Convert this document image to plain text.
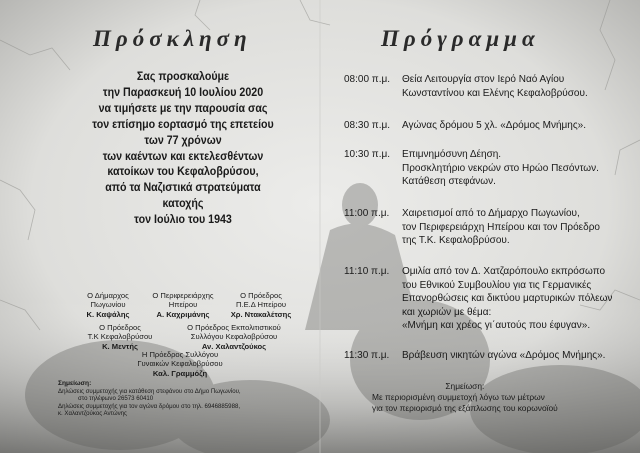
Πρόσκληση	Πρόγραμμα
Σας προσκαλούμε
την Παρασκευή 10 Ιουλίου 2020
να τιμήσετε με την παρουσία σας
τον επίσημο εορτασμό της επετείου
των 77 χρόνων
των καέντων και εκτελεσθέντων
κατοίκων του Κεφαλοβρύσου,
από τα Ναζιστικά στρατεύματα
κατοχής
τον Ιούλιο του 1943
Ο Δήμαρχος
Πωγωνίου
Κ. Καψάλης
Ο Περιφερειάρχης
Ηπείρου
Α. Καχριμάνης
Ο Πρόεδρος
Π.Ε.Δ Ηπείρου
Χρ. Ντακαλέτσης
Ο Πρόεδρος
Τ.Κ Κεφαλοβρύσου
Κ. Μεντής
Ο Πρόεδρος Εκπολιτιστικού
Συλλόγου Κεφαλοβρύσου
Αν. Χαλαντζούκος
Η Πρόεδρος Συλλόγου
Γυναικών Κεφαλοβρύσου
Καλ. Γραμμόζη
Σημείωση:
Δηλώσεις συμμετοχής για κατάθεση στεφάνου στο Δήμο Πωγωνίου,
στο τηλέφωνο 26573 60410
Δηλώσεις συμμετοχής για τον αγώνα δρόμου στο τηλ. 6946885988,
κ. Χαλαντζούκος Αντώνης
08:00 π.μ. Θεία Λειτουργία στον Ιερό Ναό Αγίου
Κωνσταντίνου και Ελένης Κεφαλοβρύσου.
08:30 π.μ. Αγώνας δρόμου 5 χλ. «Δρόμος Μνήμης».
10:30 π.μ. Επιμνημόσυνη Δέηση.
Προσκλητήριο νεκρών στο Ηρώο Πεσόντων.
Κατάθεση στεφάνων.
11:00 π.μ. Χαιρετισμοί από το Δήμαρχο Πωγωνίου,
τον Περιφερειάρχη Ηπείρου και τον Πρόεδρο
της Τ.Κ. Κεφαλοβρύσου.
11:10 π.μ. Ομιλία από τον Δ. Χατζαρόπουλο εκπρόσωπο
του Εθνικού Συμβουλίου για τις Γερμανικές
Επανορθώσεις και δικτύου μαρτυρικών πόλεων
και χωριών με θέμα:
«Μνήμη και χρέος γι΄αυτούς που έφυγαν».
11:30 π.μ. Βράβευση νικητών αγώνα «Δρόμος Μνήμης».
Σημείωση:
Με περιορισμένη συμμετοχή λόγω των μέτρων
για τον περιορισμό της εξάπλωσης του κορωνοϊού
